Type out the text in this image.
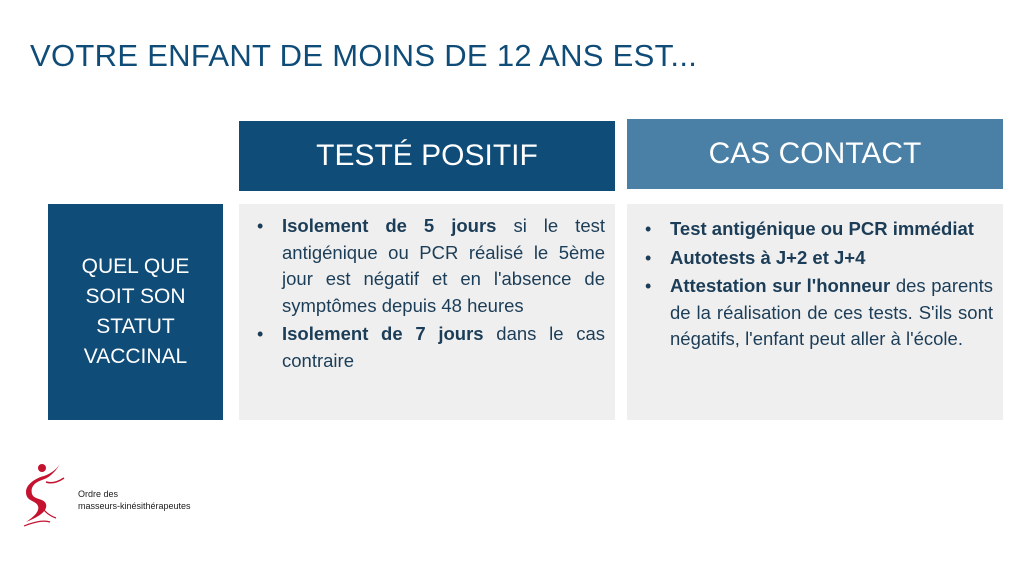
VOTRE ENFANT DE MOINS DE 12 ANS EST...
TESTÉ POSITIF	CAS CONTACT
QUEL QUE SOIT SON STATUT VACCINAL
• Isolement de 5 jours si le test antigénique ou PCR réalisé le 5ème jour est négatif et en l'absence de symptômes depuis 48 heures
• Isolement de 7 jours dans le cas contraire
• Test antigénique ou PCR immédiat
• Autotests à J+2 et J+4
• Attestation sur l'honneur des parents de la réalisation de ces tests. S'ils sont négatifs, l'enfant peut aller à l'école.
Ordre des
masseurs-kinésithérapeutes
